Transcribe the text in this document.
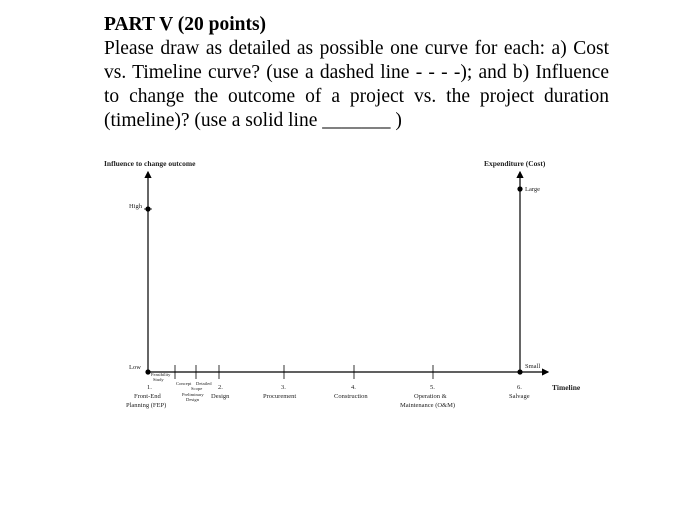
PART V (20 points)
Please draw as detailed as possible one curve for each: a) Cost vs. Timeline curve? (use a dashed line - - - -); and b) Influence to change the outcome of a project vs. the project duration (timeline)? (use a solid line _______ )
Influence to change outcome	Expenditure (Cost)
High
Low
Large
Small
Timeline
Feasibility
Study
Concept Detailed
Scope
Preliminary
Design
1.
Front-End
Planning (FEP)
2.
Design
3.
Procurement
4.
Construction
5.
Operation &
Maintenance (O&M)
6.
Salvage
